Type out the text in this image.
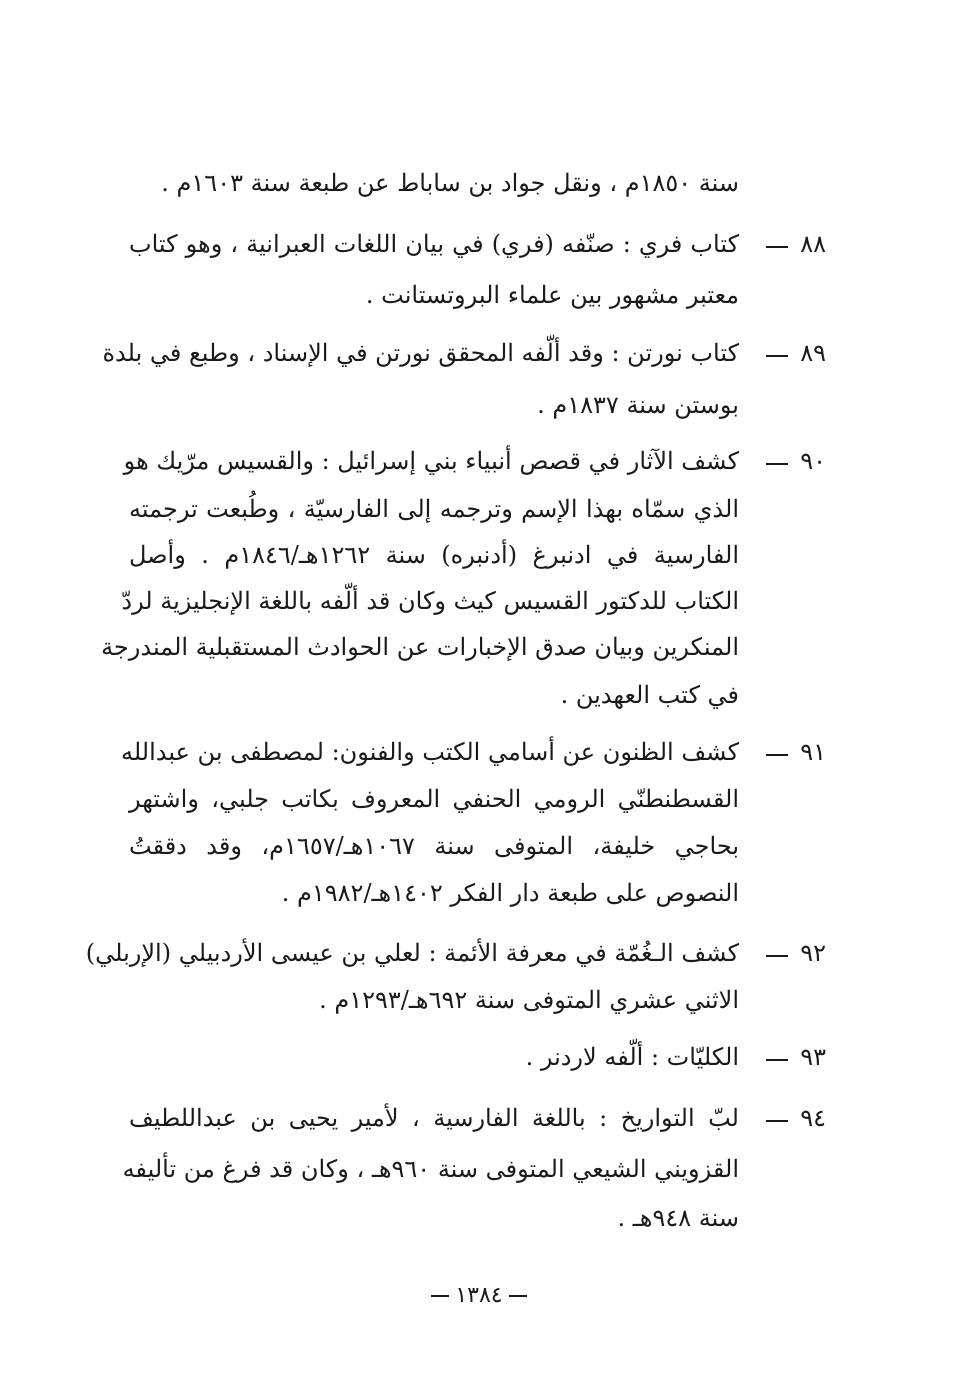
سنة ١٨٥٠م ، ونقل جواد بن ساباط عن طبعة سنة ١٦٠٣م .
٨٨
كتاب فري : صنّفه (فري) في بيان اللغات العبرانية ، وهو كتاب
معتبر مشهور بين علماء البروتستانت .
٨٩
كتاب نورتن : وقد ألّفه المحقق نورتن في الإسناد ، وطبع في بلدة
بوستن سنة ١٨٣٧م .
٩٠
كشف الآثار في قصص أنبياء بني إسرائيل : والقسيس مرّيك هو
الذي سمّاه بهذا الإسم وترجمه إلى الفارسيّة ، وطُبعت ترجمته
الفارسية في ادنبرغ (أدنبره) سنة ١٢٦٢هـ/١٨٤٦م . وأصل
الكتاب للدكتور القسيس كيث وكان قد ألّفه باللغة الإنجليزية لردّ
المنكرين وبيان صدق الإخبارات عن الحوادث المستقبلية المندرجة
في كتب العهدين .
٩١
كشف الظنون عن أسامي الكتب والفنون: لمصطفى بن عبدالله
القسطنطنّي الرومي الحنفي المعروف بكاتب جلبي، واشتهر
بحاجي خليفة، المتوفى سنة ١٠٦٧هـ/١٦٥٧م، وقد دققتُ
النصوص على طبعة دار الفكر ١٤٠٢هـ/١٩٨٢م .
٩٢
كشف الـغُمّة في معرفة الأئمة : لعلي بن عيسى الأردبيلي (الإربلي)
الاثني عشري المتوفى سنة ٦٩٢هـ/١٢٩٣م .
٩٣
الكليّات : ألّفه لاردنر .
٩٤
لبّ التواريخ : باللغة الفارسية ، لأمير يحيى بن عبداللطيف
القزويني الشيعي المتوفى سنة ٩٦٠هـ ، وكان قد فرغ من تأليفه
سنة ٩٤٨هـ .
١٣٨٤
